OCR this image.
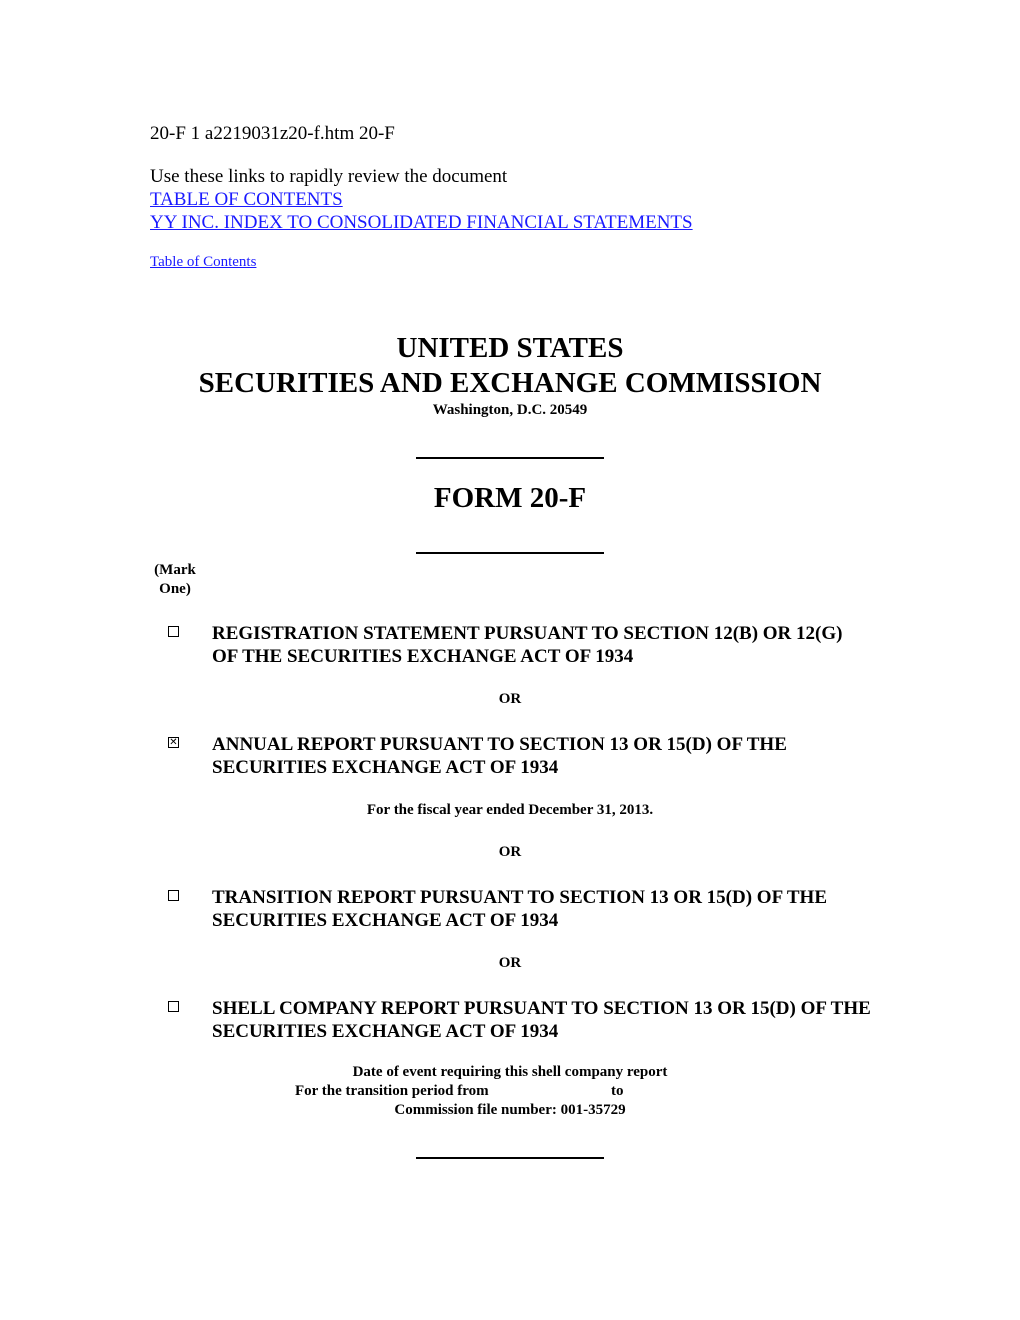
20-F 1 a2219031z20-f.htm 20-F
Use these links to rapidly review the document
TABLE OF CONTENTS
YY INC. INDEX TO CONSOLIDATED FINANCIAL STATEMENTS
Table of Contents
UNITED STATES
SECURITIES AND EXCHANGE COMMISSION
Washington, D.C. 20549
FORM 20-F
(Mark One)
REGISTRATION STATEMENT PURSUANT TO SECTION 12(B) OR 12(G) OF THE SECURITIES EXCHANGE ACT OF 1934
OR
✕ ANNUAL REPORT PURSUANT TO SECTION 13 OR 15(D) OF THE SECURITIES EXCHANGE ACT OF 1934
For the fiscal year ended December 31, 2013.
OR
TRANSITION REPORT PURSUANT TO SECTION 13 OR 15(D) OF THE SECURITIES EXCHANGE ACT OF 1934
OR
SHELL COMPANY REPORT PURSUANT TO SECTION 13 OR 15(D) OF THE SECURITIES EXCHANGE ACT OF 1934
Date of event requiring this shell company report
For the transition period from	to
Commission file number: 001-35729
